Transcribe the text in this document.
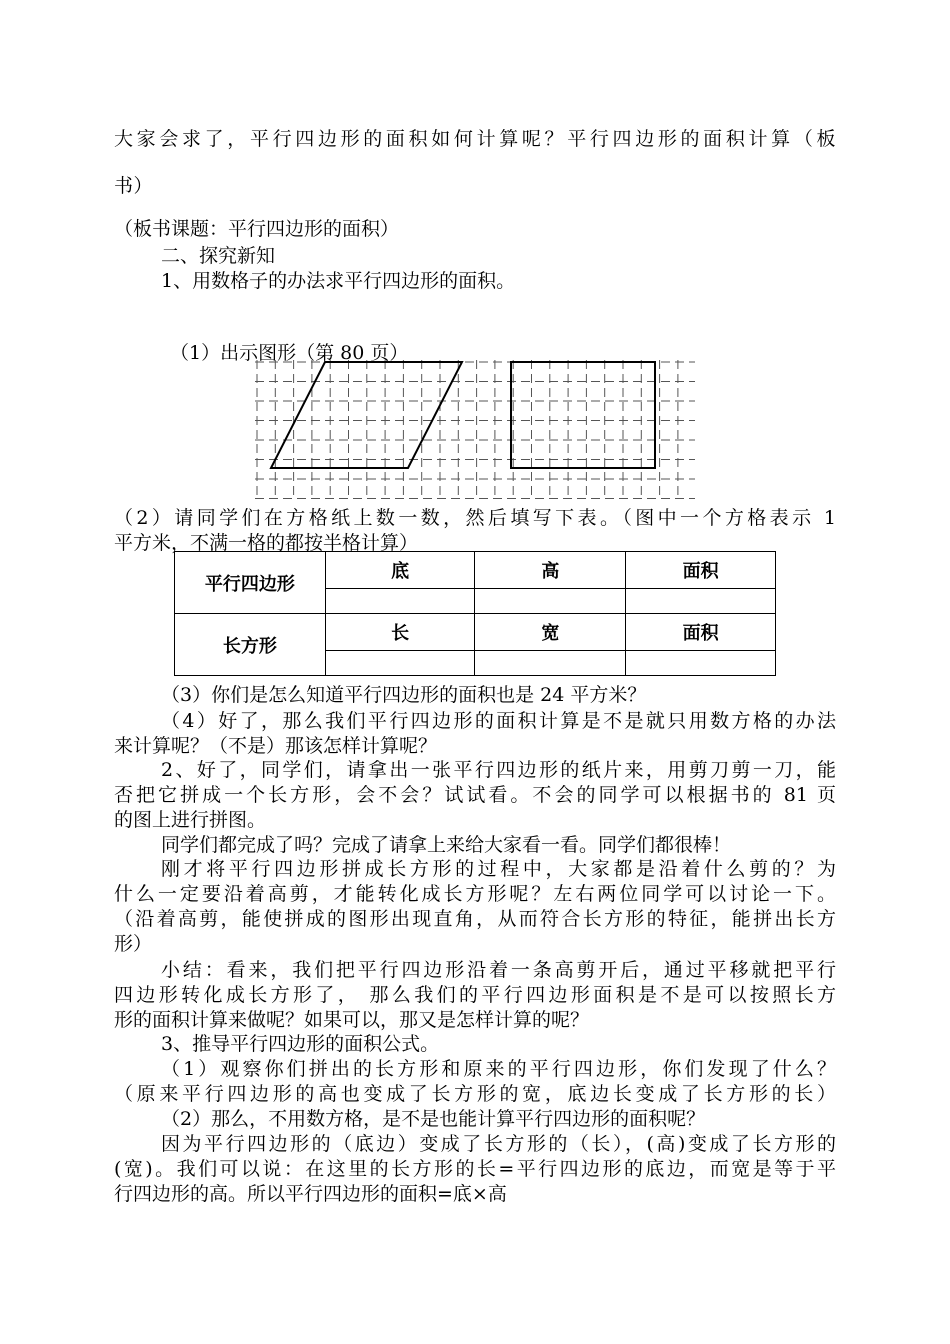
大家会求了，平行四边形的面积如何计算呢？平行四边形的面积计算（板
书）
（板书课题：平行四边形的面积）
二、探究新知
1、用数格子的办法求平行四边形的面积。
（1）出示图形（第 80 页）
（2）请同学们在方格纸上数一数，然后填写下表。（图中一个方格表示 1
平方米，不满一格的都按半格计算）
平行四边形	底	高	面积

长方形	长	宽	面积

（3）你们是怎么知道平行四边形的面积也是 24 平方米？
（4）好了，那么我们平行四边形的面积计算是不是就只用数方格的办法
来计算呢？（不是）那该怎样计算呢？
2、好了，同学们，请拿出一张平行四边形的纸片来，用剪刀剪一刀，能
否把它拼成一个长方形，会不会？试试看。不会的同学可以根据书的 81 页
的图上进行拼图。
同学们都完成了吗？完成了请拿上来给大家看一看。同学们都很棒！
刚才将平行四边形拼成长方形的过程中，大家都是沿着什么剪的？为
什么一定要沿着高剪，才能转化成长方形呢？左右两位同学可以讨论一下。
（沿着高剪，能使拼成的图形出现直角，从而符合长方形的特征，能拼出长方
形）
小结：看来，我们把平行四边形沿着一条高剪开后，通过平移就把平行
四边形转化成长方形了， 那么我们的平行四边形面积是不是可以按照长方
形的面积计算来做呢？如果可以，那又是怎样计算的呢？
3、推导平行四边形的面积公式。
（1）观察你们拼出的长方形和原来的平行四边形，你们发现了什么？
（原来平行四边形的高也变成了长方形的宽，底边长变成了长方形的长）
（2）那么，不用数方格，是不是也能计算平行四边形的面积呢？
因为平行四边形的（底边）变成了长方形的（长），(高)变成了长方形的
(宽)。我们可以说：在这里的长方形的长=平行四边形的底边，而宽是等于平
行四边形的高。所以平行四边形的面积=底×高
